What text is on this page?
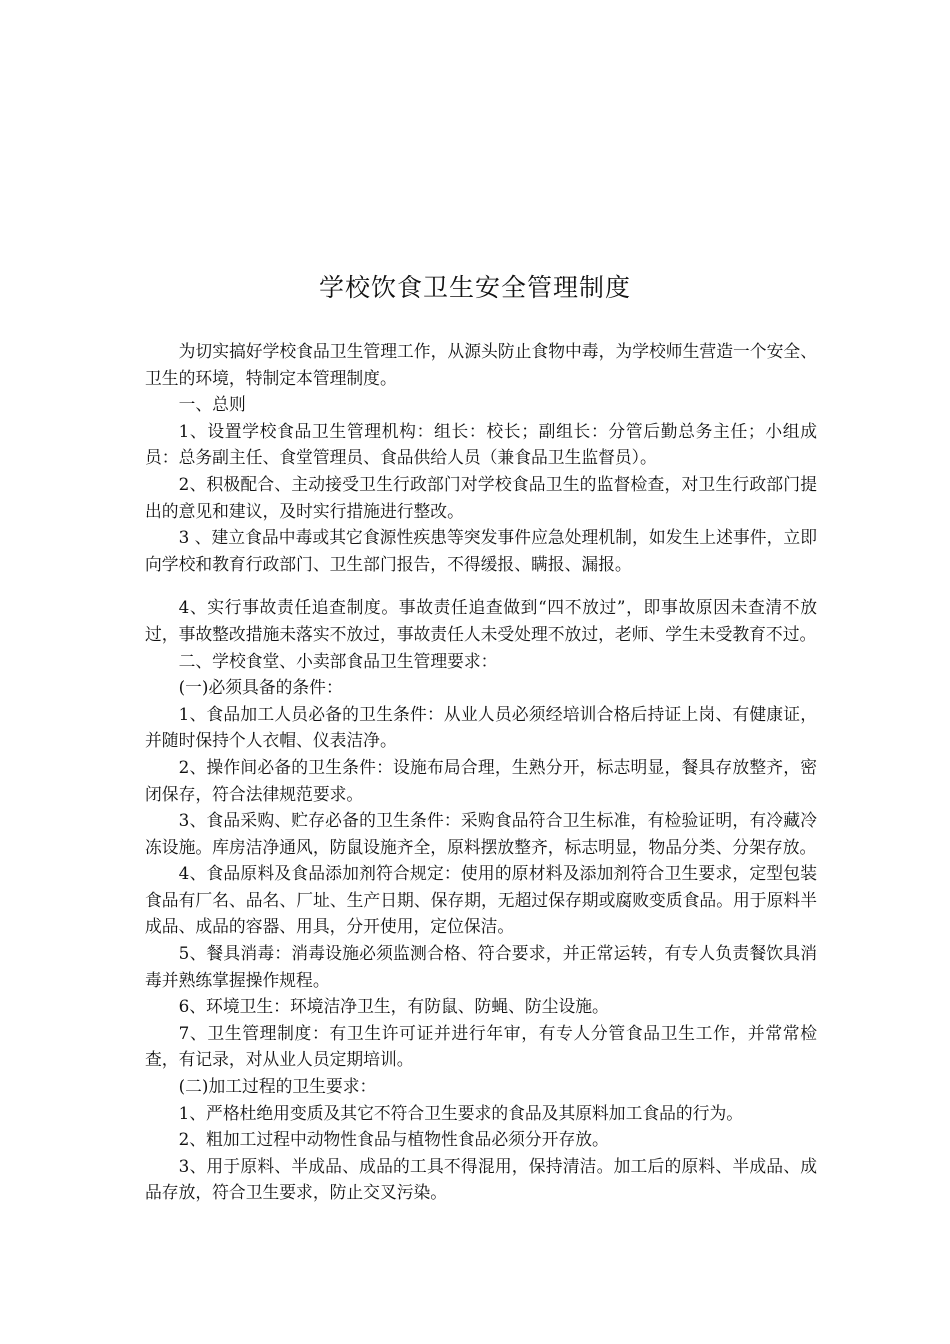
学校饮食卫生安全管理制度

为切实搞好学校食品卫生管理工作，从源头防止食物中毒，为学校师生营造一个安全、卫生的环境，特制定本管理制度。

一、总则

1、设置学校食品卫生管理机构：组长：校长；副组长：分管后勤总务主任；小组成员：总务副主任、食堂管理员、食品供给人员（兼食品卫生监督员）。

2、积极配合、主动接受卫生行政部门对学校食品卫生的监督检查，对卫生行政部门提出的意见和建议，及时实行措施进行整改。

3 、建立食品中毒或其它食源性疾患等突发事件应急处理机制，如发生上述事件，立即向学校和教育行政部门、卫生部门报告，不得缓报、瞒报、漏报。

4、实行事故责任追查制度。事故责任追查做到“四不放过”，即事故原因未查清不放过，事故整改措施未落实不放过，事故责任人未受处理不放过，老师、学生未受教育不过。

二、学校食堂、小卖部食品卫生管理要求：

(一)必须具备的条件：

1、食品加工人员必备的卫生条件：从业人员必须经培训合格后持证上岗、有健康证，并随时保持个人衣帽、仪表洁净。

2、操作间必备的卫生条件：设施布局合理，生熟分开，标志明显，餐具存放整齐，密闭保存，符合法律规范要求。

3、食品采购、贮存必备的卫生条件：采购食品符合卫生标准，有检验证明，有冷藏冷冻设施。库房洁净通风，防鼠设施齐全，原料摆放整齐，标志明显，物品分类、分架存放。

4、食品原料及食品添加剂符合规定：使用的原材料及添加剂符合卫生要求，定型包装食品有厂名、品名、厂址、生产日期、保存期，无超过保存期或腐败变质食品。用于原料半成品、成品的容器、用具，分开使用，定位保洁。

5、餐具消毒：消毒设施必须监测合格、符合要求，并正常运转，有专人负责餐饮具消毒并熟练掌握操作规程。

6、环境卫生：环境洁净卫生，有防鼠、防蝇、防尘设施。

7、卫生管理制度：有卫生许可证并进行年审，有专人分管食品卫生工作，并常常检查，有记录，对从业人员定期培训。

(二)加工过程的卫生要求：

1、严格杜绝用变质及其它不符合卫生要求的食品及其原料加工食品的行为。

2、粗加工过程中动物性食品与植物性食品必须分开存放。

3、用于原料、半成品、成品的工具不得混用，保持清洁。加工后的原料、半成品、成品存放，符合卫生要求，防止交叉污染。
